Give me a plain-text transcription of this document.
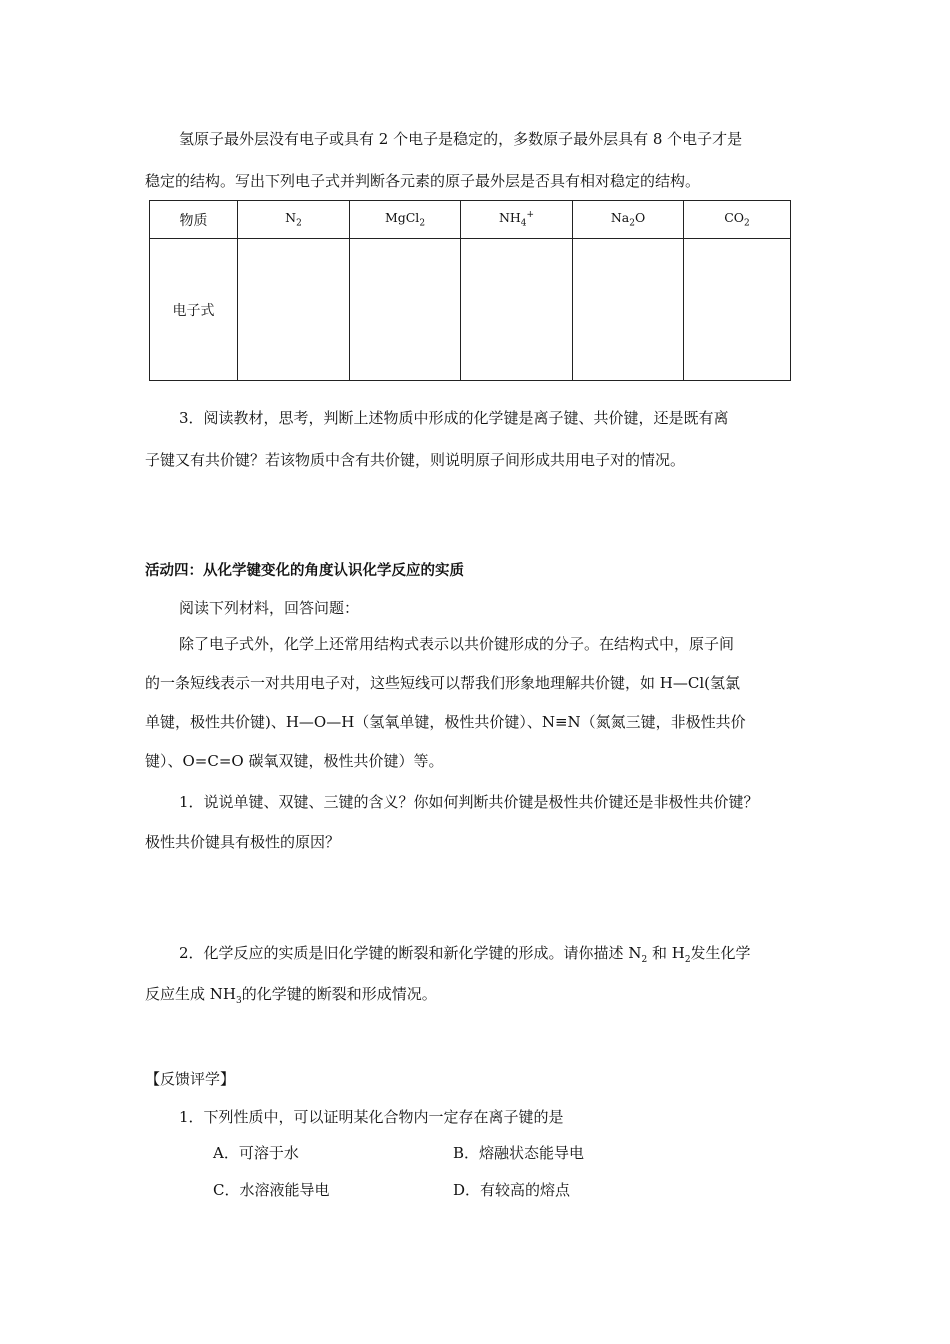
氢原子最外层没有电子或具有 2 个电子是稳定的，多数原子最外层具有 8 个电子才是
稳定的结构。写出下列电子式并判断各元素的原子最外层是否具有相对稳定的结构。
物质	$N_2$	MgCl$_2$	$NH_4^+$	$Na_2O$	$CO_2$
电子式					
3．阅读教材，思考，判断上述物质中形成的化学键是离子键、共价键，还是既有离
子键又有共价键？若该物质中含有共价键，则说明原子间形成共用电子对的情况。
活动四：从化学键变化的角度认识化学反应的实质
阅读下列材料，回答问题：
除了电子式外，化学上还常用结构式表示以共价键形成的分子。在结构式中，原子间
的一条短线表示一对共用电子对，这些短线可以帮我们形象地理解共价键，如 H—Cl(氢氯
单键，极性共价键)、H—O—H（氢氧单键，极性共价键）、N≡N（氮氮三键，非极性共价
键）、O=C=O 碳氧双键，极性共价键）等。
1．说说单键、双键、三键的含义？你如何判断共价键是极性共价键还是非极性共价键？
极性共价键具有极性的原因？
2．化学反应的实质是旧化学键的断裂和新化学键的形成。请你描述 $N_2$ 和 $H_2$发生化学
反应生成 $NH_3$的化学键的断裂和形成情况。
【反馈评学】
1．下列性质中，可以证明某化合物内一定存在离子键的是
A．可溶于水	B．熔融状态能导电
C．水溶液能导电	D．有较高的熔点
